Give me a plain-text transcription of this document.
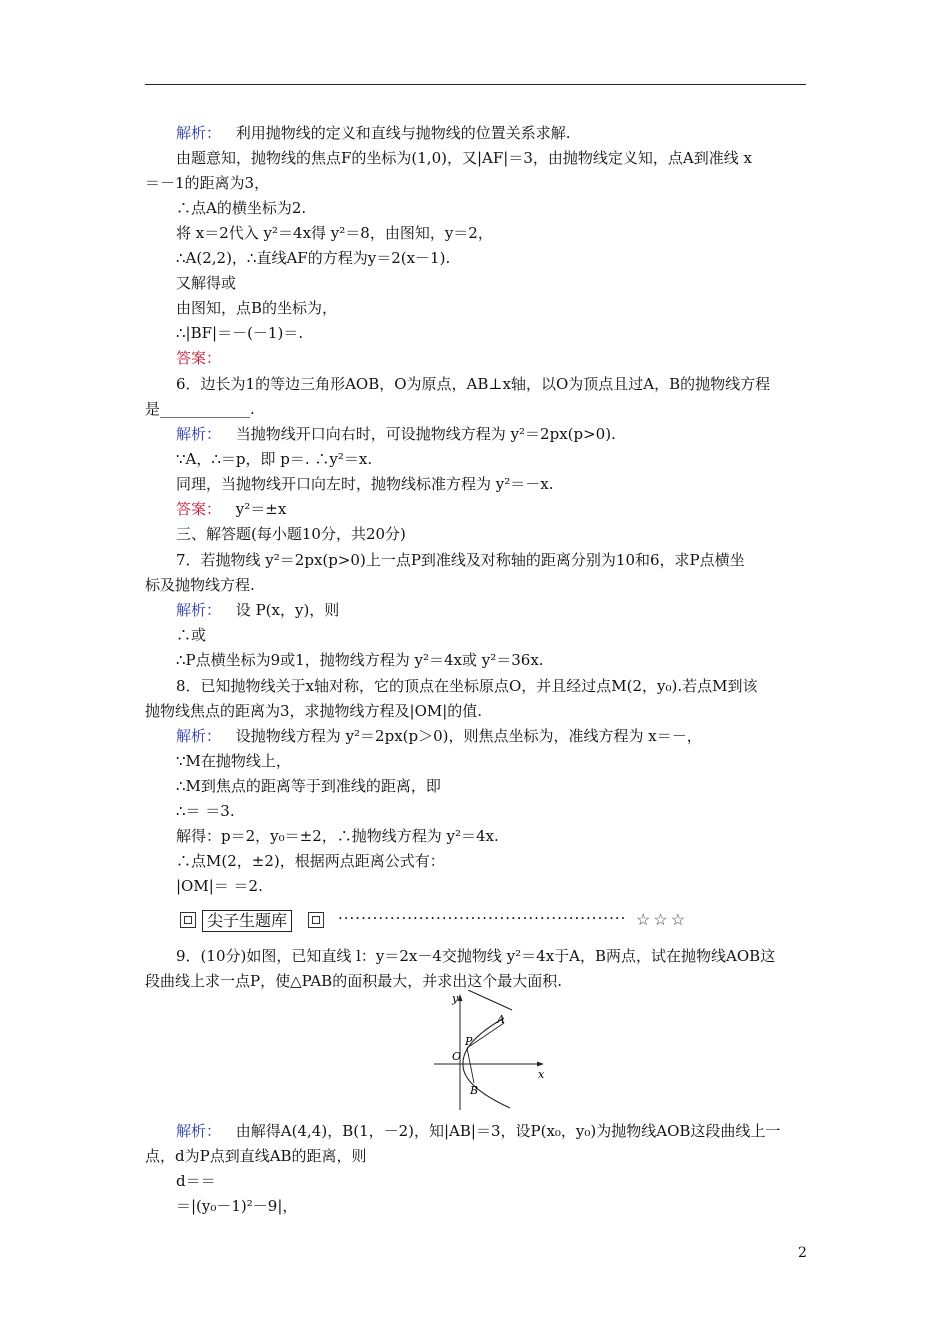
解析： 利用抛物线的定义和直线与抛物线的位置关系求解.
由题意知，抛物线的焦点F的坐标为(1,0)，又|AF|＝3，由抛物线定义知，点A到准线 x
＝－1的距离为3，
∴点A的横坐标为2.
将 x＝2代入 y²＝4x得 y²＝8，由图知，y＝2，
∴A(2,2)，∴直线AF的方程为y＝2(x－1).
又解得或
由图知，点B的坐标为，
∴|BF|＝－(－1)＝.
答案：
6．边长为1的等边三角形AOB，O为原点，AB⊥x轴，以O为顶点且过A，B的抛物线方程
是____________.
解析： 当抛物线开口向右时，可设抛物线方程为 y²＝2px(p>0).
∵A，∴＝p，即 p＝. ∴y²＝x.
同理，当抛物线开口向左时，抛物线标准方程为 y²＝－x.
答案： y²＝±x
三、解答题(每小题10分，共20分)
7．若抛物线 y²＝2px(p>0)上一点P到准线及对称轴的距离分别为10和6，求P点横坐
标及抛物线方程.
解析： 设 P(x，y)，则
∴或
∴P点横坐标为9或1，抛物线方程为 y²＝4x或 y²＝36x.
8．已知抛物线关于x轴对称，它的顶点在坐标原点O，并且经过点M(2，y₀).若点M到该
抛物线焦点的距离为3，求抛物线方程及|OM|的值.
解析： 设抛物线方程为 y²＝2px(p＞0)，则焦点坐标为，准线方程为 x＝－，
∵M在抛物线上，
∴M到焦点的距离等于到准线的距离，即
∴＝ ＝3.
解得：p＝2，y₀＝±2，∴抛物线方程为 y²＝4x.
∴点M(2，±2)，根据两点距离公式有：
|OM|＝ ＝2.
尖子生题库	·················································· ☆☆☆
9．(10分)如图，已知直线 l：y＝2x－4交抛物线 y²＝4x于A，B两点，试在抛物线AOB这
段曲线上求一点P，使△PAB的面积最大，并求出这个最大面积.
y
x
A
P
O
B
解析： 由解得A(4,4)，B(1，－2)，知|AB|＝3，设P(x₀，y₀)为抛物线AOB这段曲线上一
点，d为P点到直线AB的距离，则
d＝＝
＝|(y₀－1)²－9|，
2
